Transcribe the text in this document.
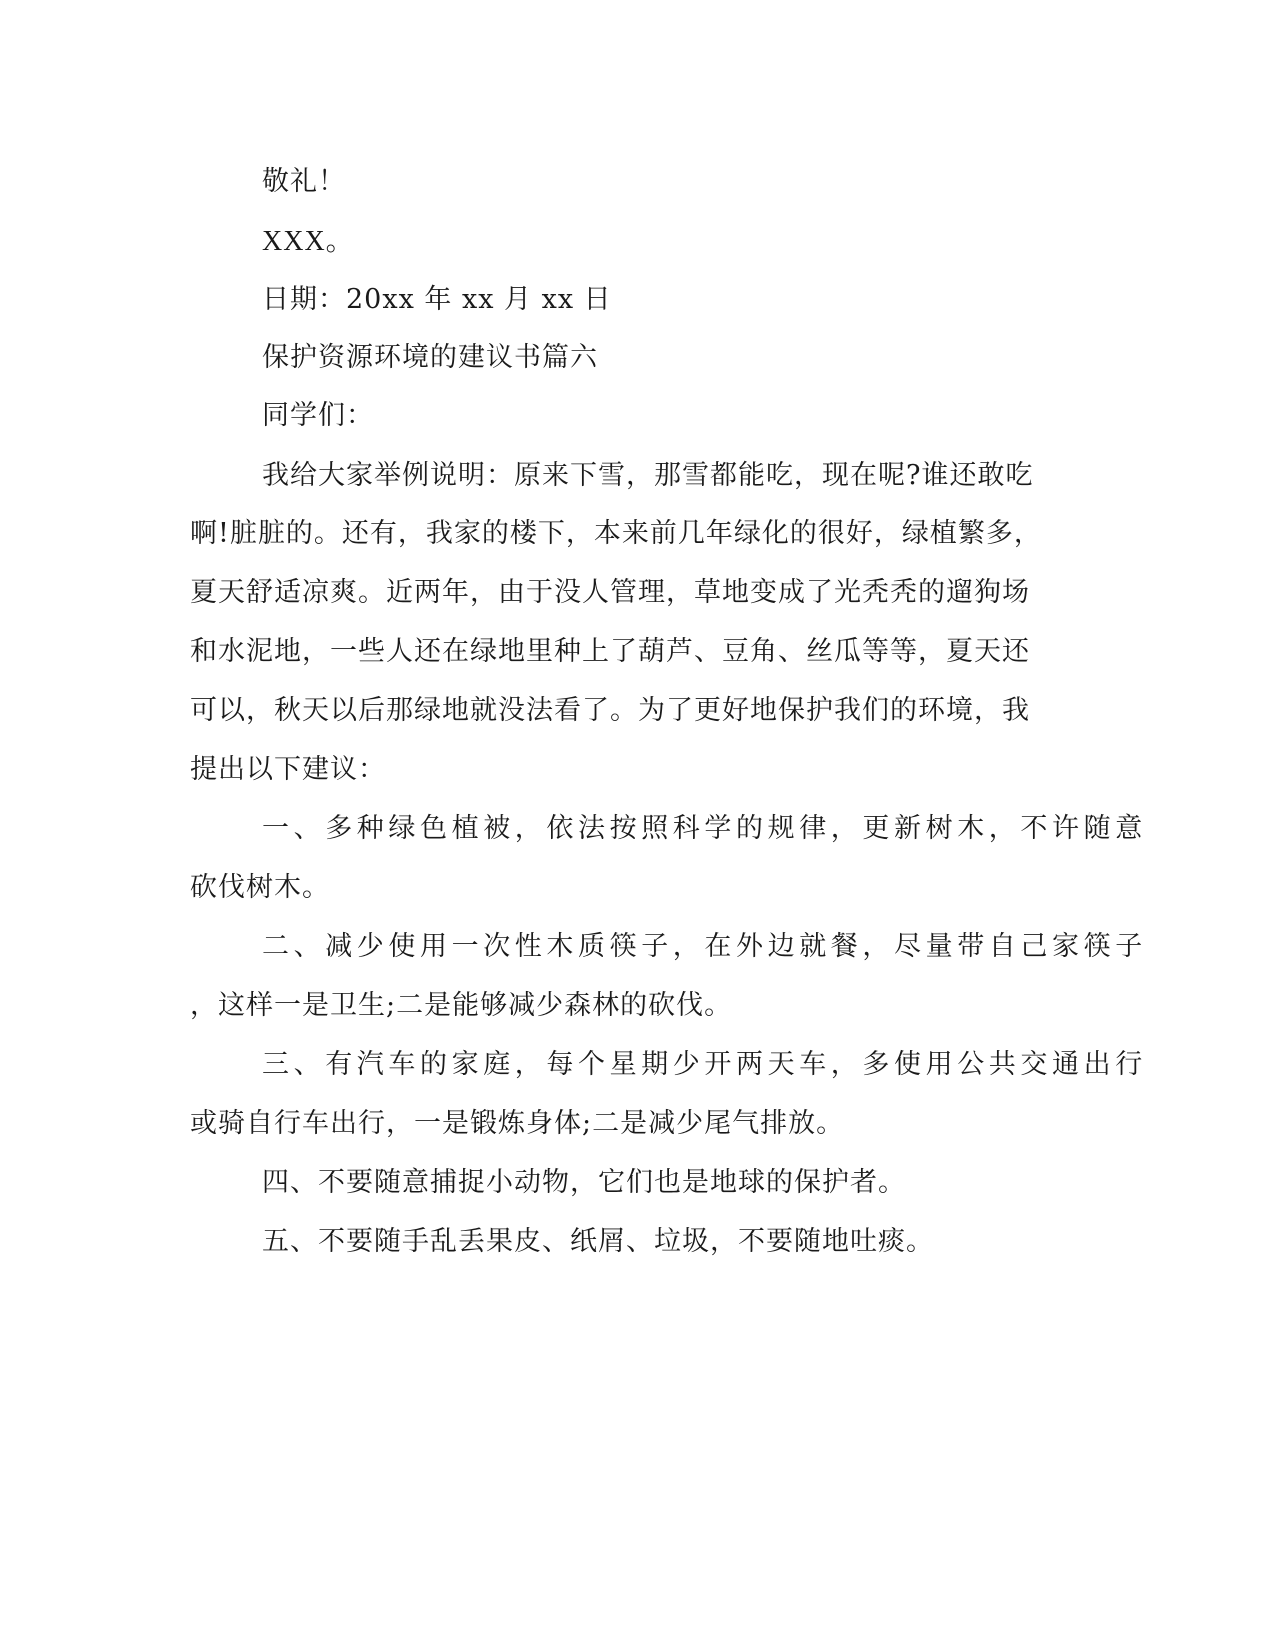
敬礼！
XXX。
日期：20xx 年 xx 月 xx 日
保护资源环境的建议书篇六
同学们：
我给大家举例说明：原来下雪，那雪都能吃，现在呢?谁还敢吃
啊!脏脏的。还有，我家的楼下，本来前几年绿化的很好，绿植繁多，
夏天舒适凉爽。近两年，由于没人管理，草地变成了光秃秃的遛狗场
和水泥地，一些人还在绿地里种上了葫芦、豆角、丝瓜等等，夏天还
可以，秋天以后那绿地就没法看了。为了更好地保护我们的环境，我
提出以下建议：
一、多种绿色植被，依法按照科学的规律，更新树木，不许随意
砍伐树木。
二、减少使用一次性木质筷子，在外边就餐，尽量带自己家筷子
，这样一是卫生;二是能够减少森林的砍伐。
三、有汽车的家庭，每个星期少开两天车，多使用公共交通出行
或骑自行车出行，一是锻炼身体;二是减少尾气排放。
四、不要随意捕捉小动物，它们也是地球的保护者。
五、不要随手乱丢果皮、纸屑、垃圾，不要随地吐痰。
